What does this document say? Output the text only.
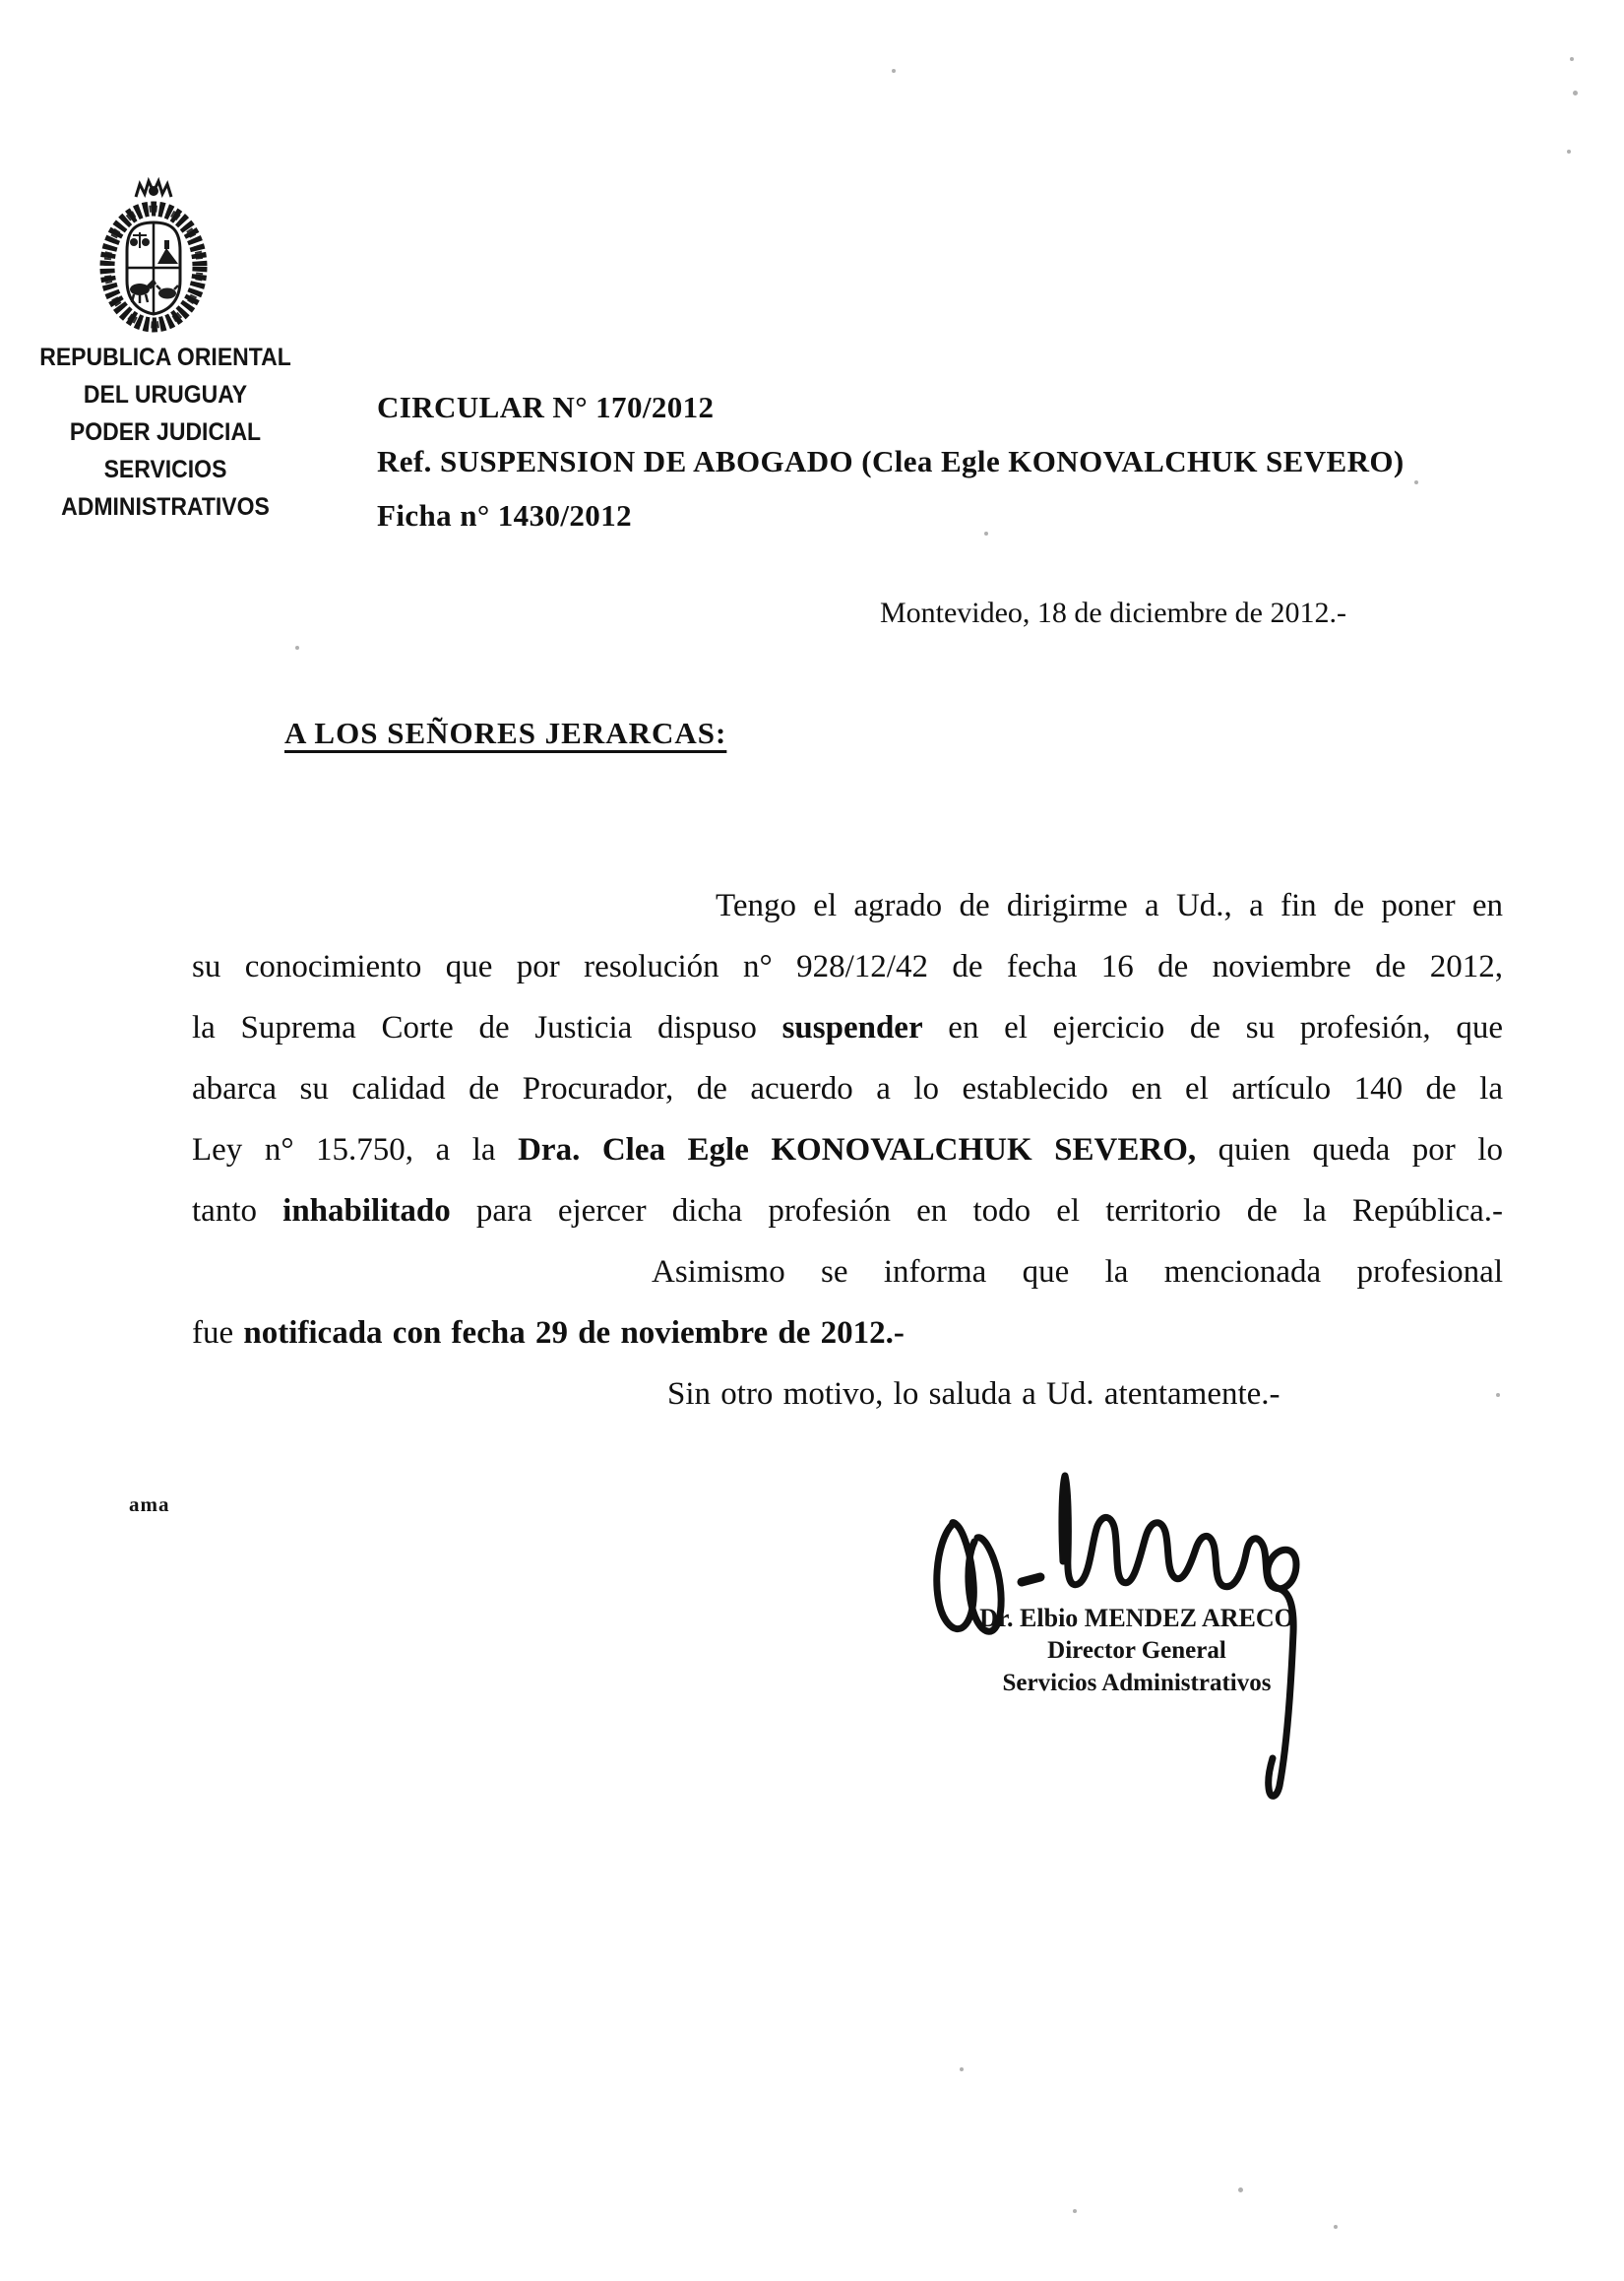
REPUBLICA ORIENTAL
DEL URUGUAY
PODER JUDICIAL
SERVICIOS
ADMINISTRATIVOS
CIRCULAR N° 170/2012
Ref. SUSPENSION DE ABOGADO (Clea Egle KONOVALCHUK SEVERO)
Ficha n° 1430/2012
Montevideo, 18 de diciembre de 2012.-
A LOS SEÑORES JERARCAS:
Tengo el agrado de dirigirme a Ud., a fin de poner en
su conocimiento que por resolución n° 928/12/42 de fecha 16 de noviembre de 2012,
la Suprema Corte de Justicia dispuso suspender en el ejercicio de su profesión, que
abarca su calidad de Procurador, de acuerdo a lo establecido en el artículo 140 de la
Ley n° 15.750, a la Dra. Clea Egle KONOVALCHUK SEVERO, quien queda por lo
tanto inhabilitado para ejercer dicha profesión en todo el territorio de la República.-
Asimismo se informa que la mencionada profesional
fue notificada con fecha 29 de noviembre de 2012.-
Sin otro motivo, lo saluda a Ud. atentamente.-
ama
Dr. Elbio MENDEZ ARECO
Director General
Servicios Administrativos
